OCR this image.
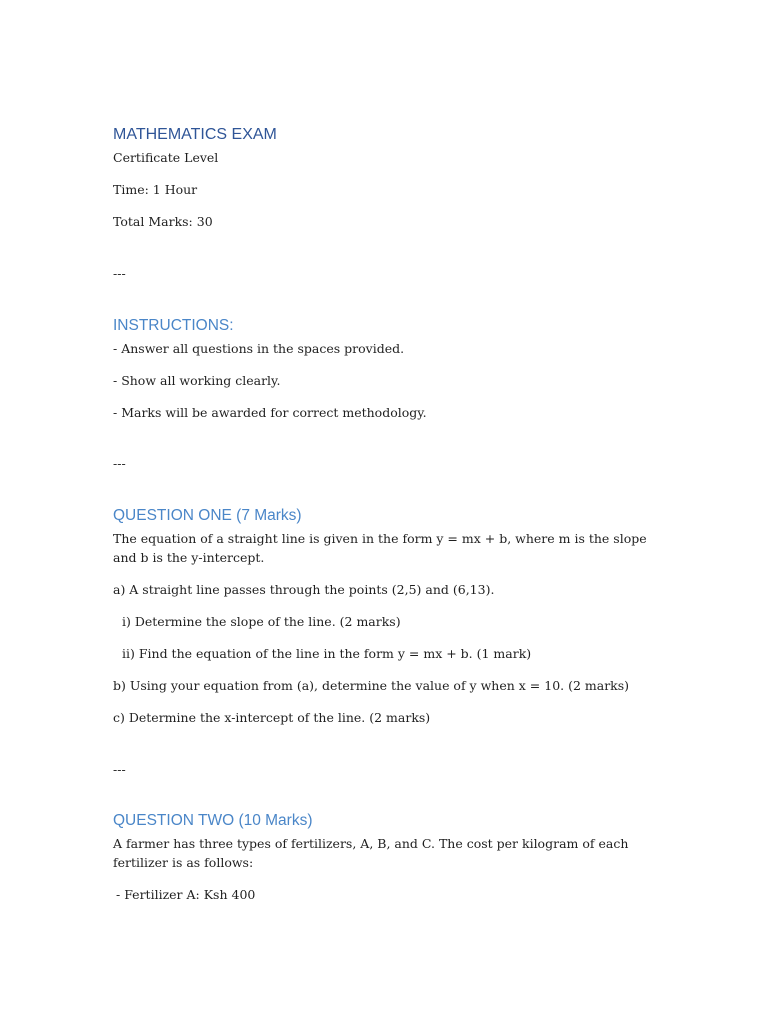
MATHEMATICS EXAM
Certificate Level
Time: 1 Hour
Total Marks: 30
---
INSTRUCTIONS:
- Answer all questions in the spaces provided.
- Show all working clearly.
- Marks will be awarded for correct methodology.
---
QUESTION ONE (7 Marks)
The equation of a straight line is given in the form y = mx + b, where m is the slope and b is the y-intercept.
a) A straight line passes through the points (2,5) and (6,13).
i) Determine the slope of the line. (2 marks)
ii) Find the equation of the line in the form y = mx + b. (1 mark)
b) Using your equation from (a), determine the value of y when x = 10. (2 marks)
c) Determine the x-intercept of the line. (2 marks)
---
QUESTION TWO (10 Marks)
A farmer has three types of fertilizers, A, B, and C. The cost per kilogram of each fertilizer is as follows:
- Fertilizer A: Ksh 400
